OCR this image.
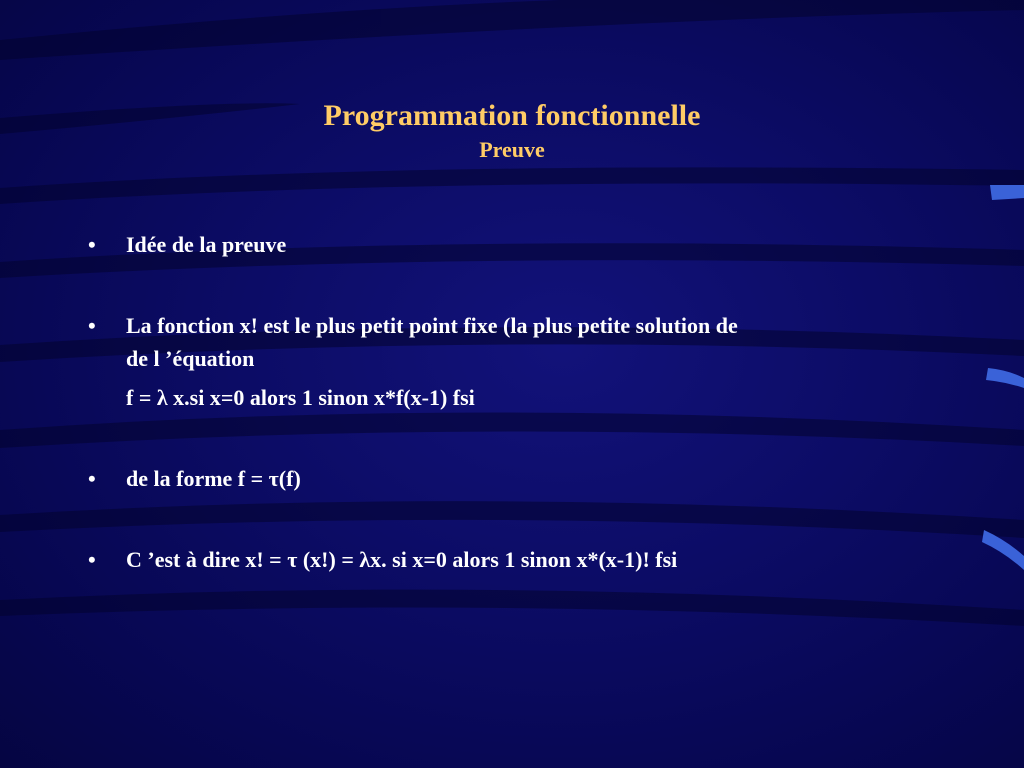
Programmation fonctionnelle
Preuve
• Idée de la preuve
• La fonction x! est le plus petit point fixe (la plus petite solution de
de l ’équation
f = λ x.si x=0 alors 1 sinon x*f(x-1) fsi
• de la forme f = τ(f)
• C ’est à dire x! = τ (x!) = λx. si x=0 alors 1 sinon x*(x-1)! fsi
